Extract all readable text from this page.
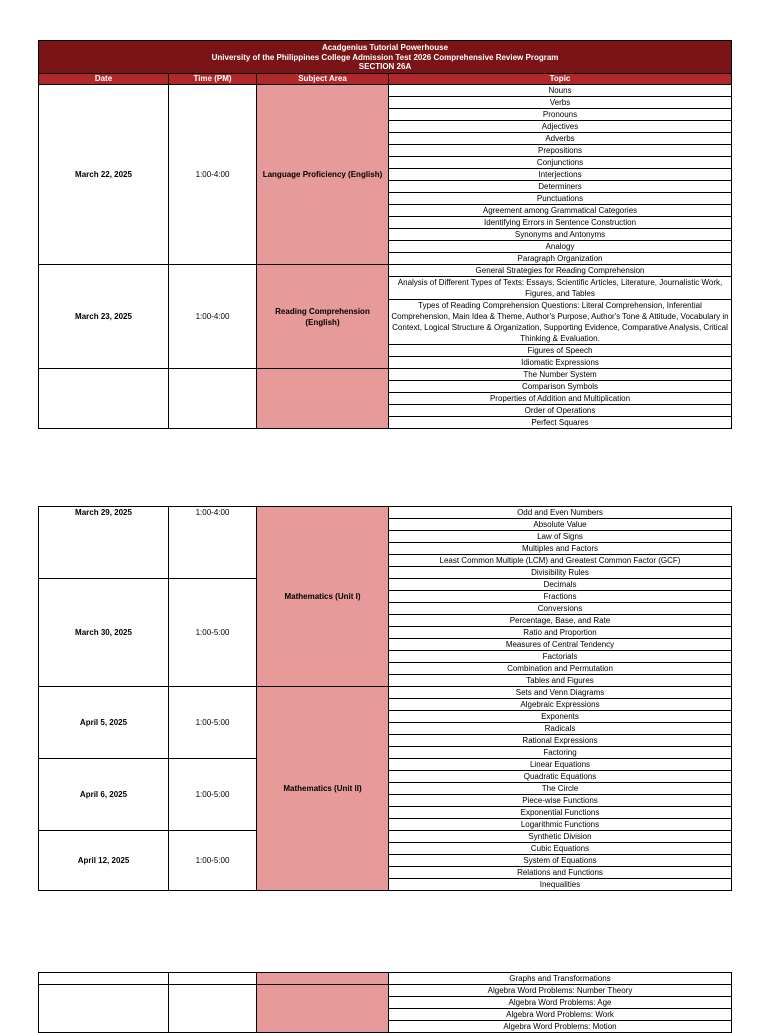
Acadgenius Tutorial Powerhouse
University of the Philippines College Admission Test 2026 Comprehensive Review Program
SECTION 26A			

Date	Time (PM)	Subject Area	Topic
March 22, 2025	1:00-4:00	Language Proficiency (English)	Nouns
			Verbs
			Pronouns
			Adjectives
			Adverbs
			Prepositions
			Conjunctions
			Interjections
			Determiners
			Punctuations
			Agreement among Grammatical Categories
			Identifying Errors in Sentence Construction
			Synonyms and Antonyms
			Analogy
			Paragraph Organization
March 23, 2025	1:00-4:00	Reading Comprehension (English)	General Strategies for Reading Comprehension
			Analysis of Different Types of Texts: Essays, Scientific Articles, Literature, Journalistic Work, Figures, and Tables
			Types of Reading Comprehension Questions: Literal Comprehension, Inferential Comprehension, Main Idea & Theme, Author's Purpose, Author's Tone & Attitude, Vocabulary in Context, Logical Structure & Organization, Supporting Evidence, Comparative Analysis, Critical Thinking & Evaluation.
			Figures of Speech
			Idiomatic Expressions
			The Number System
			Comparison Symbols
			Properties of Addition and Multiplication
			Order of Operations
			Perfect Squares
March 29, 2025	1:00-4:00	Mathematics (Unit I)	Odd and Even Numbers
			Absolute Value
			Law of Signs
			Multiples and Factors
			Least Common Multiple (LCM) and Greatest Common Factor (GCF)
			Divisibility Rules
March 30, 2025	1:00-5:00		Decimals
			Fractions
			Conversions
			Percentage, Base, and Rate
			Ratio and Proportion
			Measures of Central Tendency
			Factorials
			Combination and Permutation
			Tables and Figures
April 5, 2025	1:00-5:00	Mathematics (Unit II)	Sets and Venn Diagrams
			Algebraic Expressions
			Exponents
			Radicals
			Rational Expressions
			Factoring
April 6, 2025	1:00-5:00		Linear Equations
			Quadratic Equations
			The Circle
			Piece-wise Functions
			Exponential Functions
			Logarithmic Functions
April 12, 2025	1:00-5:00		Synthetic Division
			Cubic Equations
			System of Equations
			Relations and Functions
			Inequalities
			Graphs and Transformations
			Algebra Word Problems: Number Theory
			Algebra Word Problems: Age
			Algebra Word Problems: Work
			Algebra Word Problems: Motion
